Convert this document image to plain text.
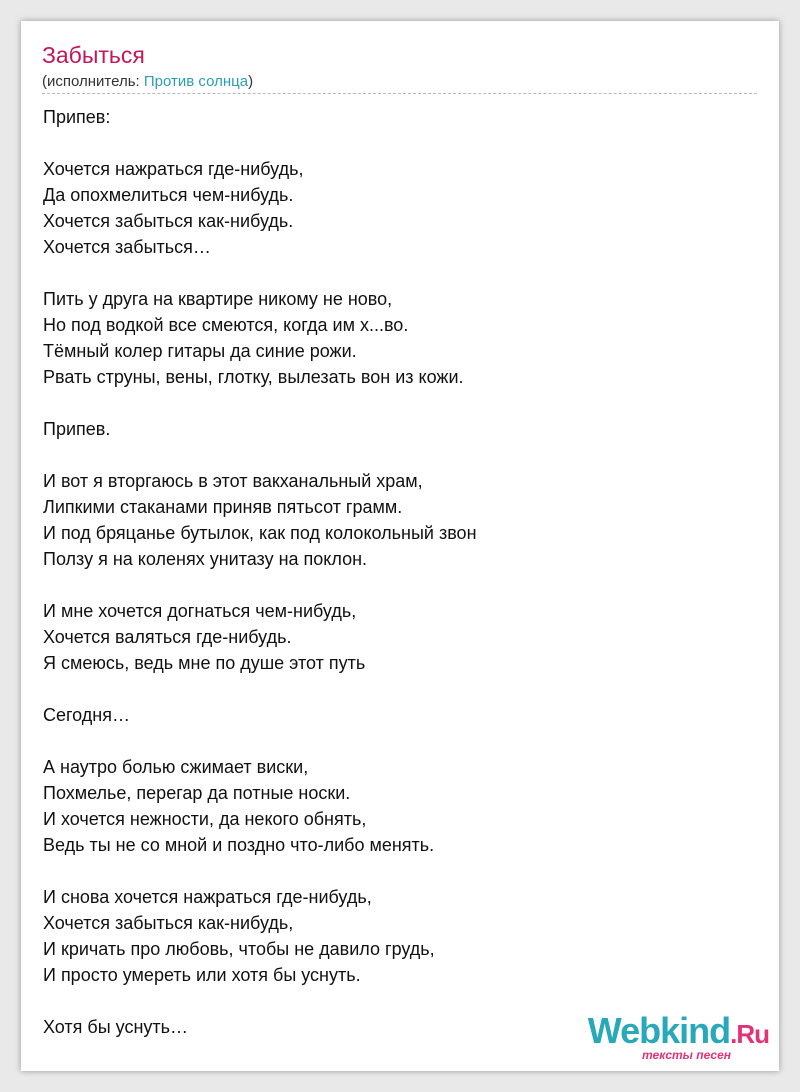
Забыться
(исполнитель: Против солнца)
Припев:
Хочется нажраться где-нибудь,
Да опохмелиться чем-нибудь.
Хочется забыться как-нибудь.
Хочется забыться…
Пить у друга на квартире никому не ново,
Но под водкой все смеются, когда им х...во.
Тёмный колер гитары да синие рожи.
Рвать струны, вены, глотку, вылезать вон из кожи.
Припев.
И вот я вторгаюсь в этот вакханальный храм,
Липкими стаканами приняв пятьсот грамм.
И под бряцанье бутылок, как под колокольный звон
Ползу я на коленях унитазу на поклон.
И мне хочется догнаться чем-нибудь,
Хочется валяться где-нибудь.
Я смеюсь, ведь мне по душе этот путь
Сегодня…
А наутро болью сжимает виски,
Похмелье, перегар да потные носки.
И хочется нежности, да некого обнять,
Ведь ты не со мной и поздно что-либо менять.
И снова хочется нажраться где-нибудь,
Хочется забыться как-нибудь,
И кричать про любовь, чтобы не давило грудь,
И просто умереть или хотя бы уснуть.
Хотя бы уснуть…	Webkind.Ru
тексты песен
